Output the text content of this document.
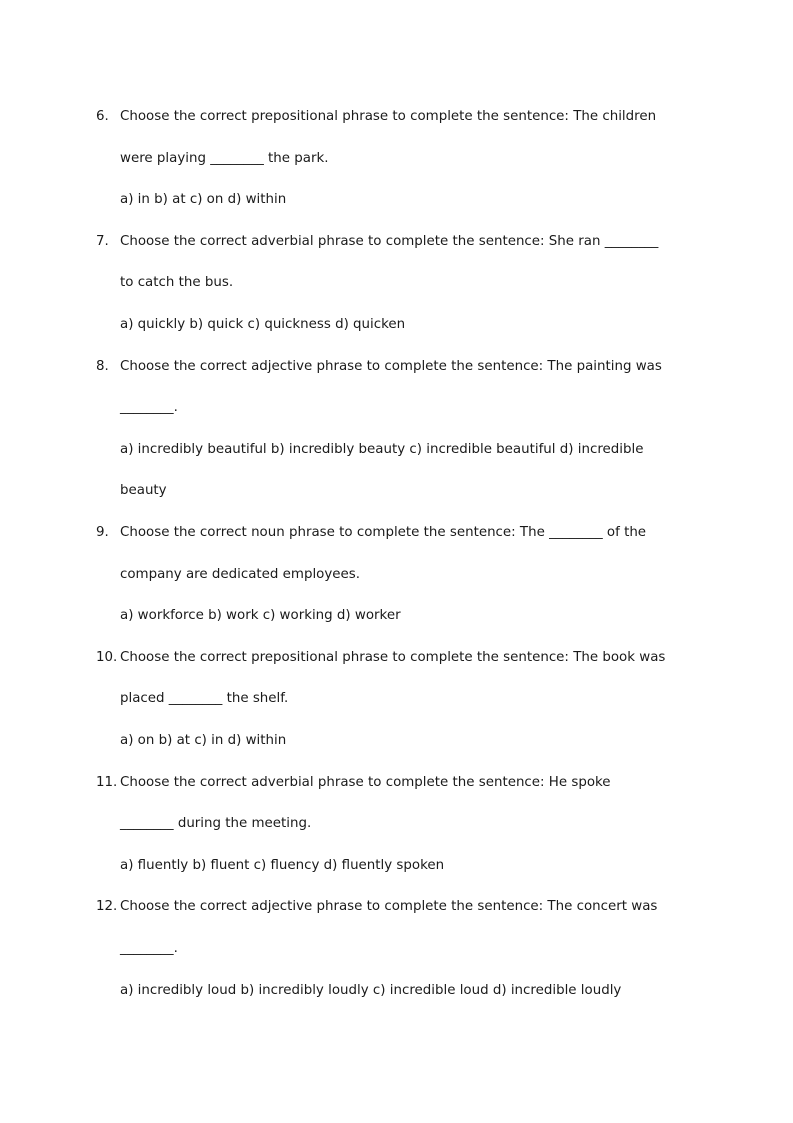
6. Choose the correct prepositional phrase to complete the sentence: The children
were playing ________ the park.
a) in b) at c) on d) within
7. Choose the correct adverbial phrase to complete the sentence: She ran ________
to catch the bus.
a) quickly b) quick c) quickness d) quicken
8. Choose the correct adjective phrase to complete the sentence: The painting was
________.
a) incredibly beautiful b) incredibly beauty c) incredible beautiful d) incredible
beauty
9. Choose the correct noun phrase to complete the sentence: The ________ of the
company are dedicated employees.
a) workforce b) work c) working d) worker
10. Choose the correct prepositional phrase to complete the sentence: The book was
placed ________ the shelf.
a) on b) at c) in d) within
11. Choose the correct adverbial phrase to complete the sentence: He spoke
________ during the meeting.
a) fluently b) fluent c) fluency d) fluently spoken
12. Choose the correct adjective phrase to complete the sentence: The concert was
________.
a) incredibly loud b) incredibly loudly c) incredible loud d) incredible loudly
